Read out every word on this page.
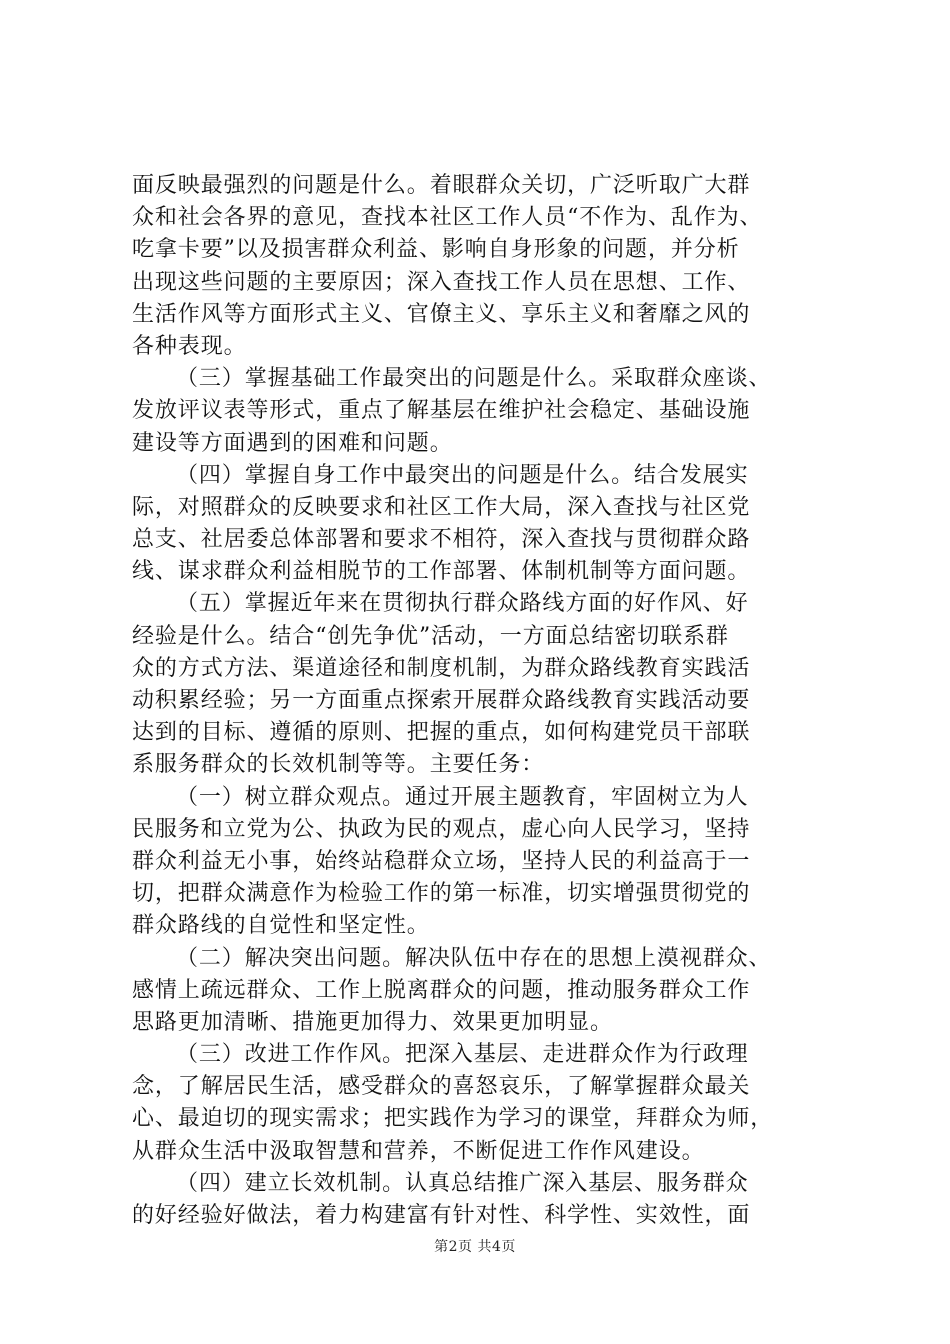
面反映最强烈的问题是什么。着眼群众关切，广泛听取广大群
众和社会各界的意见，查找本社区工作人员“不作为、乱作为、
吃拿卡要”以及损害群众利益、影响自身形象的问题，并分析
出现这些问题的主要原因；深入查找工作人员在思想、工作、
生活作风等方面形式主义、官僚主义、享乐主义和奢靡之风的
各种表现。
（三）掌握基础工作最突出的问题是什么。采取群众座谈、
发放评议表等形式，重点了解基层在维护社会稳定、基础设施
建设等方面遇到的困难和问题。
（四）掌握自身工作中最突出的问题是什么。结合发展实
际，对照群众的反映要求和社区工作大局，深入查找与社区党
总支、社居委总体部署和要求不相符，深入查找与贯彻群众路
线、谋求群众利益相脱节的工作部署、体制机制等方面问题。
（五）掌握近年来在贯彻执行群众路线方面的好作风、好
经验是什么。结合“创先争优”活动，一方面总结密切联系群
众的方式方法、渠道途径和制度机制，为群众路线教育实践活
动积累经验；另一方面重点探索开展群众路线教育实践活动要
达到的目标、遵循的原则、把握的重点，如何构建党员干部联
系服务群众的长效机制等等。主要任务：
（一）树立群众观点。通过开展主题教育，牢固树立为人
民服务和立党为公、执政为民的观点，虚心向人民学习，坚持
群众利益无小事，始终站稳群众立场，坚持人民的利益高于一
切，把群众满意作为检验工作的第一标准，切实增强贯彻党的
群众路线的自觉性和坚定性。
（二）解决突出问题。解决队伍中存在的思想上漠视群众、
感情上疏远群众、工作上脱离群众的问题，推动服务群众工作
思路更加清晰、措施更加得力、效果更加明显。
（三）改进工作作风。把深入基层、走进群众作为行政理
念，了解居民生活，感受群众的喜怒哀乐，了解掌握群众最关
心、最迫切的现实需求；把实践作为学习的课堂，拜群众为师，
从群众生活中汲取智慧和营养，不断促进工作作风建设。
（四）建立长效机制。认真总结推广深入基层、服务群众
的好经验好做法，着力构建富有针对性、科学性、实效性，面
第2页 共4页
